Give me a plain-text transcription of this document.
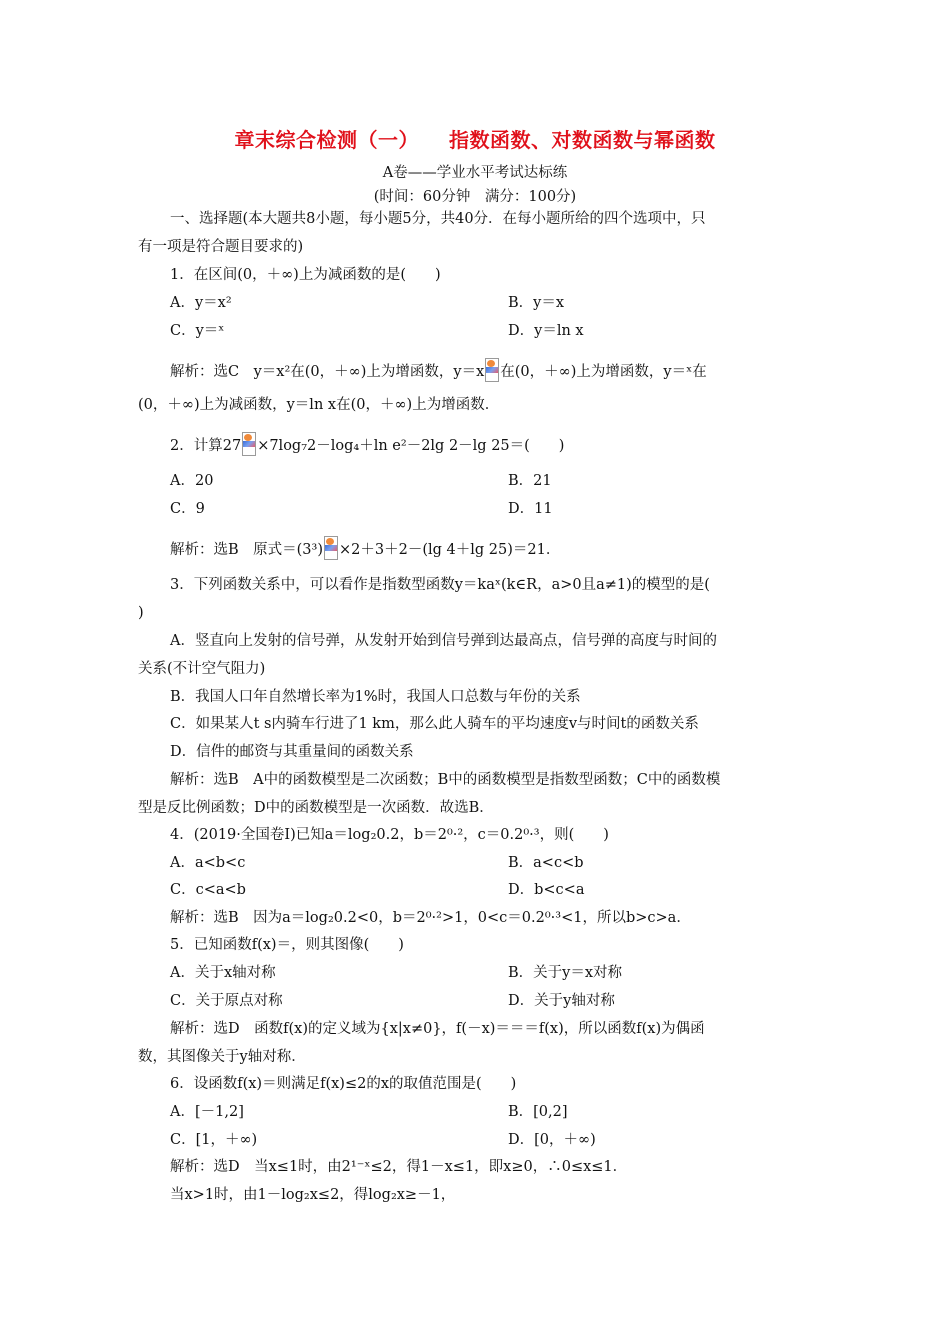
章末综合检测（一） 指数函数、对数函数与幂函数
A卷——学业水平考试达标练
(时间：60分钟　满分：100分)
一、选择题(本大题共8小题，每小题5分，共40分．在每小题所给的四个选项中，只
有一项是符合题目要求的)
1．在区间(0，＋∞)上为减函数的是(　　)
A．y＝x²	B．y＝x
C．y＝ˣ	D．y＝ln x
解析：选C　y＝x²在(0，＋∞)上为增函数，y＝x 在(0，＋∞)上为增函数，y＝ˣ在
(0，＋∞)上为减函数，y＝ln x在(0，＋∞)上为增函数．
2．计算27 ×7log₇2－log₄＋ln e²－2lg 2－lg 25＝(　　)
A．20	B．21
C．9	D．11
解析：选B　原式＝(3³) ×2＋3＋2－(lg 4＋lg 25)＝21．
3．下列函数关系中，可以看作是指数型函数y＝kaˣ(k∈R，a>0且a≠1)的模型的是(
)
A．竖直向上发射的信号弹，从发射开始到信号弹到达最高点，信号弹的高度与时间的
关系(不计空气阻力)
B．我国人口年自然增长率为1%时，我国人口总数与年份的关系
C．如果某人t s内骑车行进了1 km，那么此人骑车的平均速度v与时间t的函数关系
D．信件的邮资与其重量间的函数关系
解析：选B　A中的函数模型是二次函数；B中的函数模型是指数型函数；C中的函数模
型是反比例函数；D中的函数模型是一次函数．故选B．
4．(2019·全国卷Ⅰ)已知a＝log₂0.2，b＝2⁰·²，c＝0.2⁰·³，则(　　)
A．a<b<c	B．a<c<b
C．c<a<b	D．b<c<a
解析：选B　因为a＝log₂0.2<0，b＝2⁰·²>1，0<c＝0.2⁰·³<1，所以b>c>a．
5．已知函数f(x)＝，则其图像(　　)
A．关于x轴对称	B．关于y＝x对称
C．关于原点对称	D．关于y轴对称
解析：选D　函数f(x)的定义域为{x|x≠0}，f(－x)＝＝＝f(x)，所以函数f(x)为偶函
数，其图像关于y轴对称．
6．设函数f(x)＝则满足f(x)≤2的x的取值范围是(　　)
A．[－1,2]	B．[0,2]
C．[1，＋∞)	D．[0，＋∞)
解析：选D　当x≤1时，由2¹⁻ˣ≤2，得1－x≤1，即x≥0，∴0≤x≤1．
当x>1时，由1－log₂x≤2，得log₂x≥－1，
